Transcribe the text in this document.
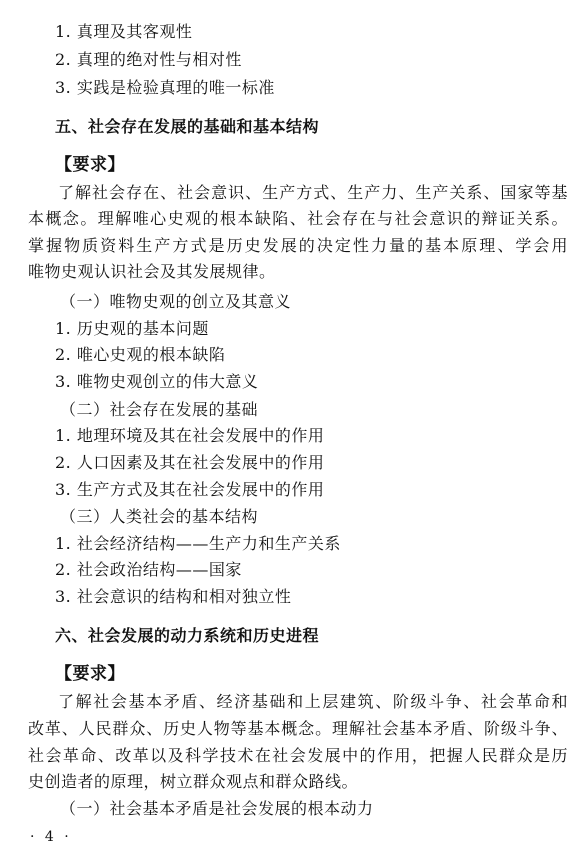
1. 真理及其客观性
2. 真理的绝对性与相对性
3. 实践是检验真理的唯一标准
五、社会存在发展的基础和基本结构
【要求】
了解社会存在、社会意识、生产方式、生产力、生产关系、国家等基
本概念。理解唯心史观的根本缺陷、社会存在与社会意识的辩证关系。
掌握物质资料生产方式是历史发展的决定性力量的基本原理、学会用
唯物史观认识社会及其发展规律。
（一）唯物史观的创立及其意义
1. 历史观的基本问题
2. 唯心史观的根本缺陷
3. 唯物史观创立的伟大意义
（二）社会存在发展的基础
1. 地理环境及其在社会发展中的作用
2. 人口因素及其在社会发展中的作用
3. 生产方式及其在社会发展中的作用
（三）人类社会的基本结构
1. 社会经济结构——生产力和生产关系
2. 社会政治结构——国家
3. 社会意识的结构和相对独立性
六、社会发展的动力系统和历史进程
【要求】
了解社会基本矛盾、经济基础和上层建筑、阶级斗争、社会革命和
改革、人民群众、历史人物等基本概念。理解社会基本矛盾、阶级斗争、
社会革命、改革以及科学技术在社会发展中的作用，把握人民群众是历
史创造者的原理，树立群众观点和群众路线。
（一）社会基本矛盾是社会发展的根本动力
· 4 ·
